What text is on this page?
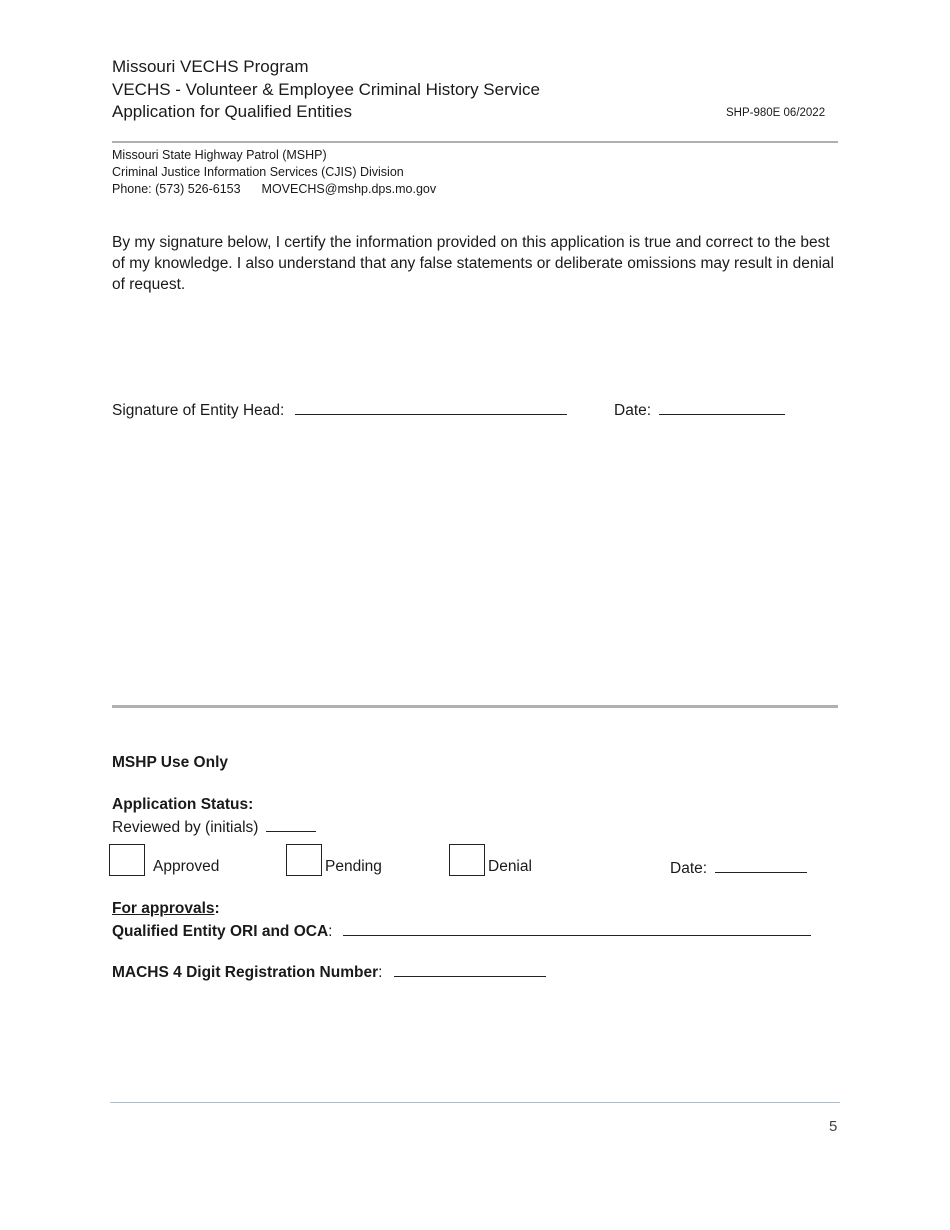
Missouri VECHS Program
VECHS - Volunteer & Employee Criminal History Service
Application for Qualified Entities	SHP-980E 06/2022
Missouri State Highway Patrol (MSHP)
Criminal Justice Information Services (CJIS) Division
Phone: (573) 526-6153 MOVECHS@mshp.dps.mo.gov
By my signature below, I certify the information provided on this application is true and correct to the best of my knowledge. I also understand that any false statements or deliberate omissions may result in denial of request.
Signature of Entity Head:	Date:
MSHP Use Only
Application Status:
Reviewed by (initials)
Approved	Pending	Denial	Date:
For approvals:
Qualified Entity ORI and OCA:
MACHS 4 Digit Registration Number:
5
